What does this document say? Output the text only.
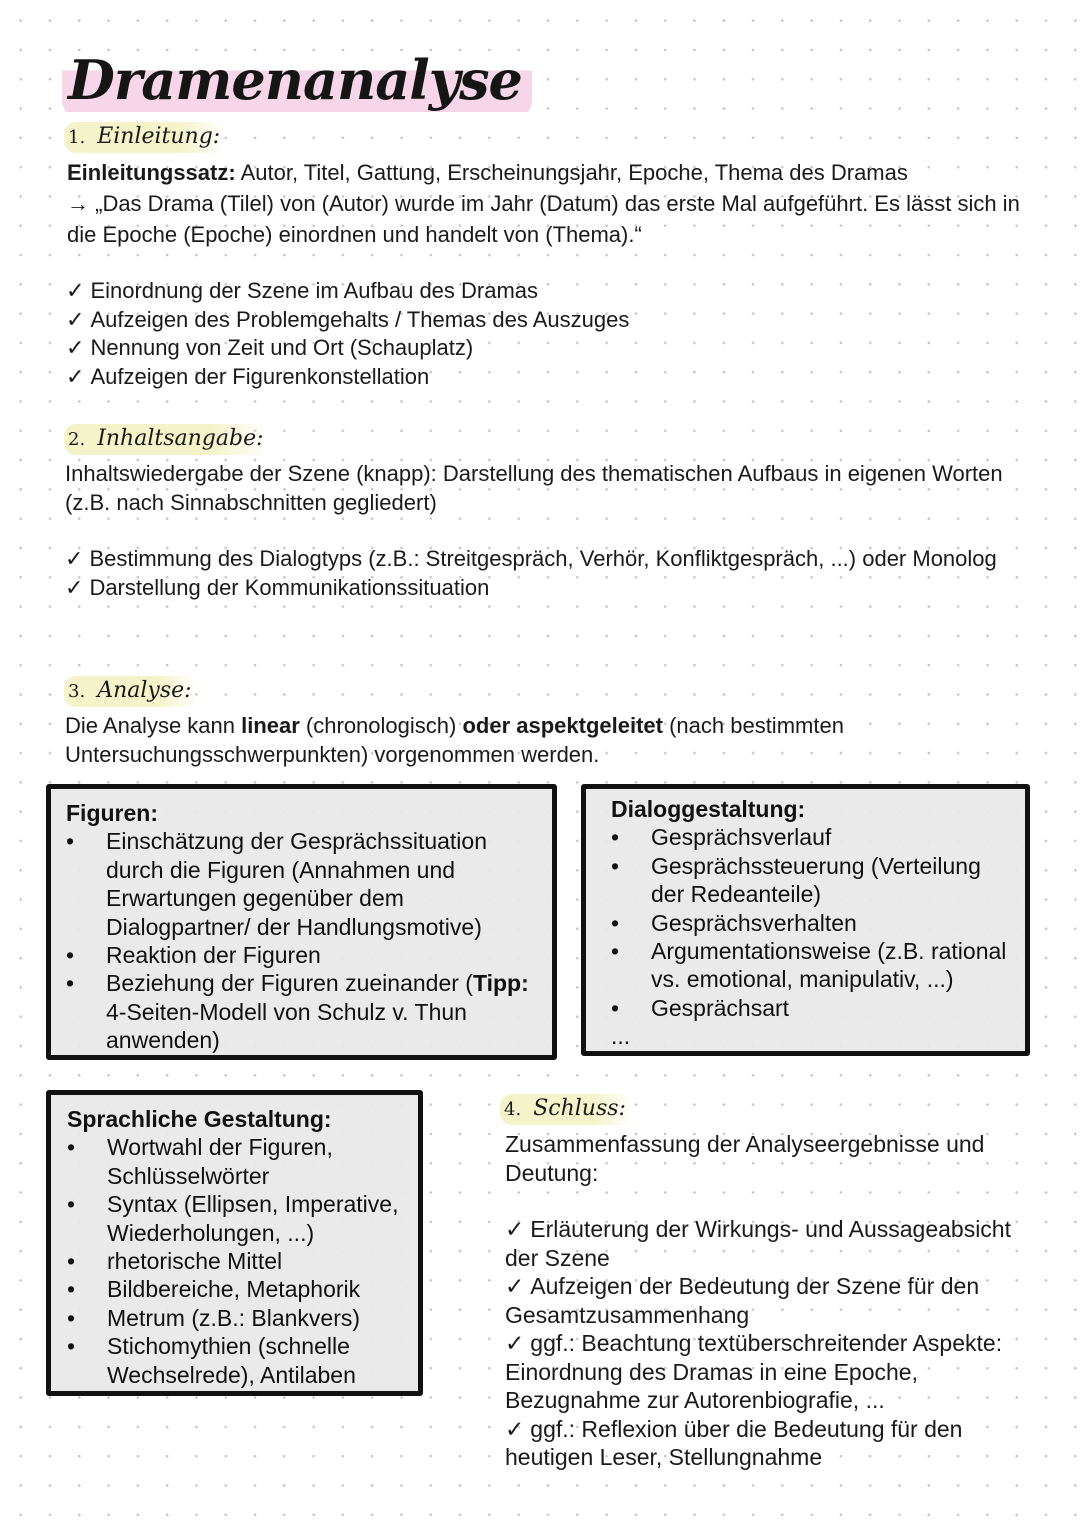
Dramenanalyse
1. Einleitung:
Einleitungssatz: Autor, Titel, Gattung, Erscheinungsjahr, Epoche, Thema des Dramas
→ „Das Drama (Tilel) von (Autor) wurde im Jahr (Datum) das erste Mal aufgeführt. Es lässt sich in die Epoche (Epoche) einordnen und handelt von (Thema).“
✓ Einordnung der Szene im Aufbau des Dramas
✓ Aufzeigen des Problemgehalts / Themas des Auszuges
✓ Nennung von Zeit und Ort (Schauplatz)
✓ Aufzeigen der Figurenkonstellation
2. Inhaltsangabe:
Inhaltswiedergabe der Szene (knapp): Darstellung des thematischen Aufbaus in eigenen Worten (z.B. nach Sinnabschnitten gegliedert)
✓ Bestimmung des Dialogtyps (z.B.: Streitgespräch, Verhör, Konfliktgespräch, ...) oder Monolog
✓ Darstellung der Kommunikationssituation
3. Analyse:
Die Analyse kann linear (chronologisch) oder aspektgeleitet (nach bestimmten Untersuchungsschwerpunkten) vorgenommen werden.
Figuren:
• Einschätzung der Gesprächssituation durch die Figuren (Annahmen und Erwartungen gegenüber dem Dialogpartner/ der Handlungsmotive)
• Reaktion der Figuren
• Beziehung der Figuren zueinander (Tipp: 4-Seiten-Modell von Schulz v. Thun anwenden)
Dialoggestaltung:
• Gesprächsverlauf
• Gesprächssteuerung (Verteilung der Redeanteile)
• Gesprächsverhalten
• Argumentationsweise (z.B. rational vs. emotional, manipulativ, ...)
• Gesprächsart
...
Sprachliche Gestaltung:
• Wortwahl der Figuren, Schlüsselwörter
• Syntax (Ellipsen, Imperative, Wiederholungen, ...)
• rhetorische Mittel
• Bildbereiche, Metaphorik
• Metrum (z.B.: Blankvers)
• Stichomythien (schnelle Wechselrede), Antilaben
4. Schluss:
Zusammenfassung der Analyseergebnisse und Deutung:
✓ Erläuterung der Wirkungs- und Aussageabsicht der Szene
✓ Aufzeigen der Bedeutung der Szene für den Gesamtzusammenhang
✓ ggf.: Beachtung textüberschreitender Aspekte: Einordnung des Dramas in eine Epoche, Bezugnahme zur Autorenbiografie, ...
✓ ggf.: Reflexion über die Bedeutung für den heutigen Leser, Stellungnahme
